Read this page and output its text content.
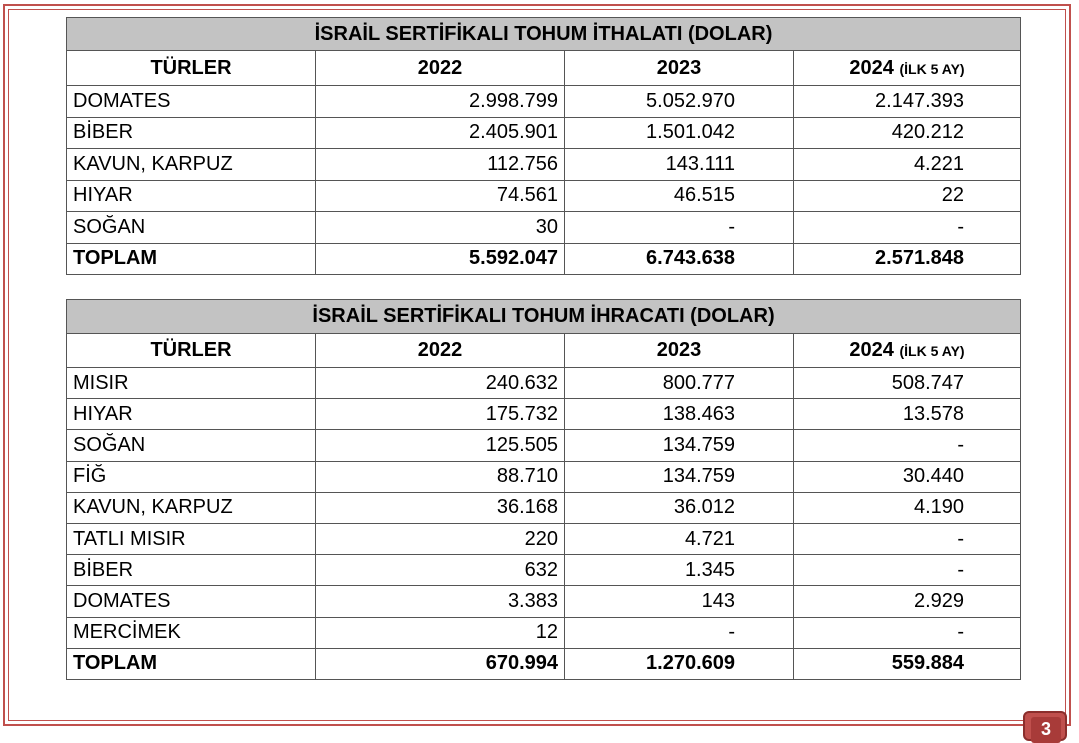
İSRAİL SERTİFİKALI TOHUM İTHALATI (DOLAR)			
TÜRLER	2022	2023	2024 (İLK 5 AY)
DOMATES	2.998.799	5.052.970	2.147.393
BİBER	2.405.901	1.501.042	420.212
KAVUN, KARPUZ	112.756	143.111	4.221
HIYAR	74.561	46.515	22
SOĞAN	30	-	-
TOPLAM	5.592.047	6.743.638	2.571.848
İSRAİL SERTİFİKALI TOHUM İHRACATI (DOLAR)			
TÜRLER	2022	2023	2024 (İLK 5 AY)
MISIR	240.632	800.777	508.747
HIYAR	175.732	138.463	13.578
SOĞAN	125.505	134.759	-
FİĞ	88.710	134.759	30.440
KAVUN, KARPUZ	36.168	36.012	4.190
TATLI MISIR	220	4.721	-
BİBER	632	1.345	-
DOMATES	3.383	143	2.929
MERCİMEK	12	-	-
TOPLAM	670.994	1.270.609	559.884
3
